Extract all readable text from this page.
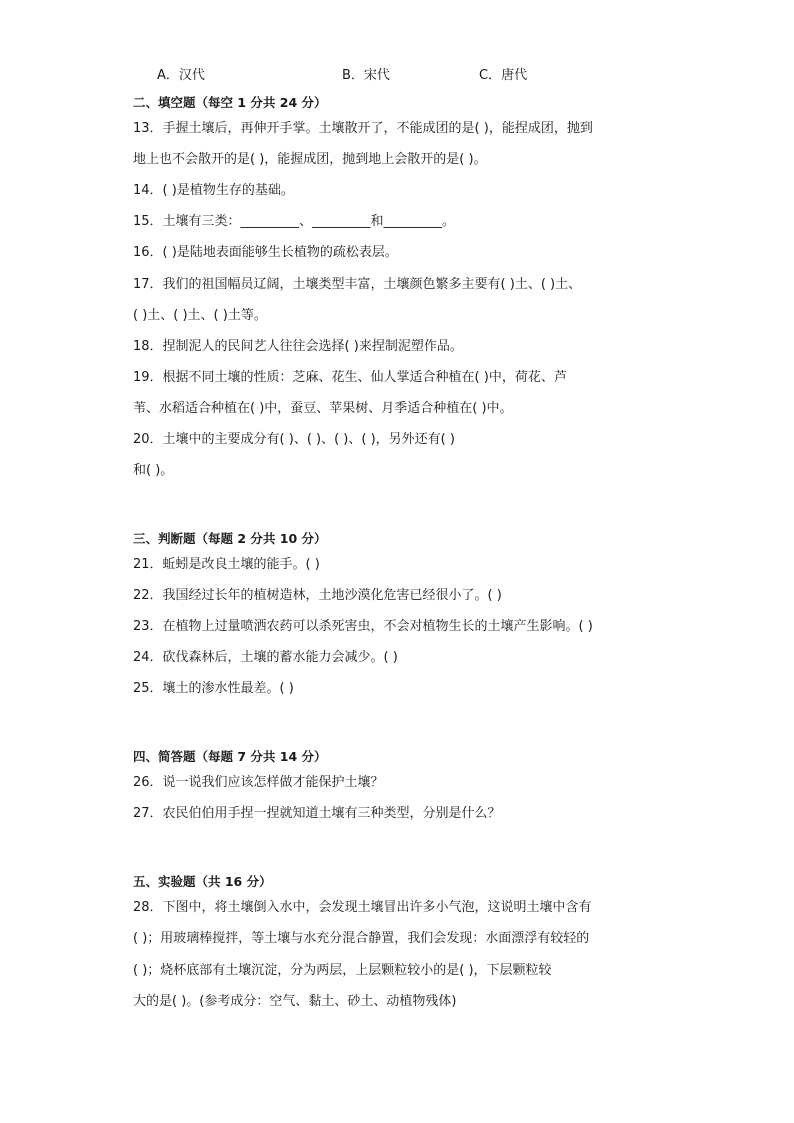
A．汉代	B．宋代	C．唐代
二、填空题（每空 1 分共 24 分）
13．手握土壤后，再伸开手掌。土壤散开了，不能成团的是( )，能捏成团，抛到
地上也不会散开的是( )，能握成团，抛到地上会散开的是( )。
14．( )是植物生存的基础。
15．土壤有三类：_________、_________和_________。
16．( )是陆地表面能够生长植物的疏松表层。
17．我们的祖国幅员辽阔，土壤类型丰富，土壤颜色繁多主要有( )土、( )土、
( )土、( )土、( )土等。
18．捏制泥人的民间艺人往往会选择( )来捏制泥塑作品。
19．根据不同土壤的性质：芝麻、花生、仙人掌适合种植在( )中，荷花、芦
苇、水稻适合种植在( )中，蚕豆、苹果树、月季适合种植在( )中。
20．土壤中的主要成分有( )、( )、( )、( )，另外还有( )
和( )。
三、判断题（每题 2 分共 10 分）
21．蚯蚓是改良土壤的能手。( )
22．我国经过长年的植树造林，土地沙漠化危害已经很小了。( )
23．在植物上过量喷洒农药可以杀死害虫，不会对植物生长的土壤产生影响。( )
24．砍伐森林后，土壤的蓄水能力会减少。( )
25．壤土的渗水性最差。( )
四、简答题（每题 7 分共 14 分）
26．说一说我们应该怎样做才能保护土壤？
27．农民伯伯用手捏一捏就知道土壤有三种类型，分别是什么？
五、实验题（共 16 分）
28．下图中，将土壤倒入水中，会发现土壤冒出许多小气泡，这说明土壤中含有
( )；用玻璃棒搅拌，等土壤与水充分混合静置，我们会发现：水面漂浮有较轻的
( )；烧杯底部有土壤沉淀，分为两层，上层颗粒较小的是( )，下层颗粒较
大的是( )。(参考成分：空气、黏土、砂土、动植物残体)
